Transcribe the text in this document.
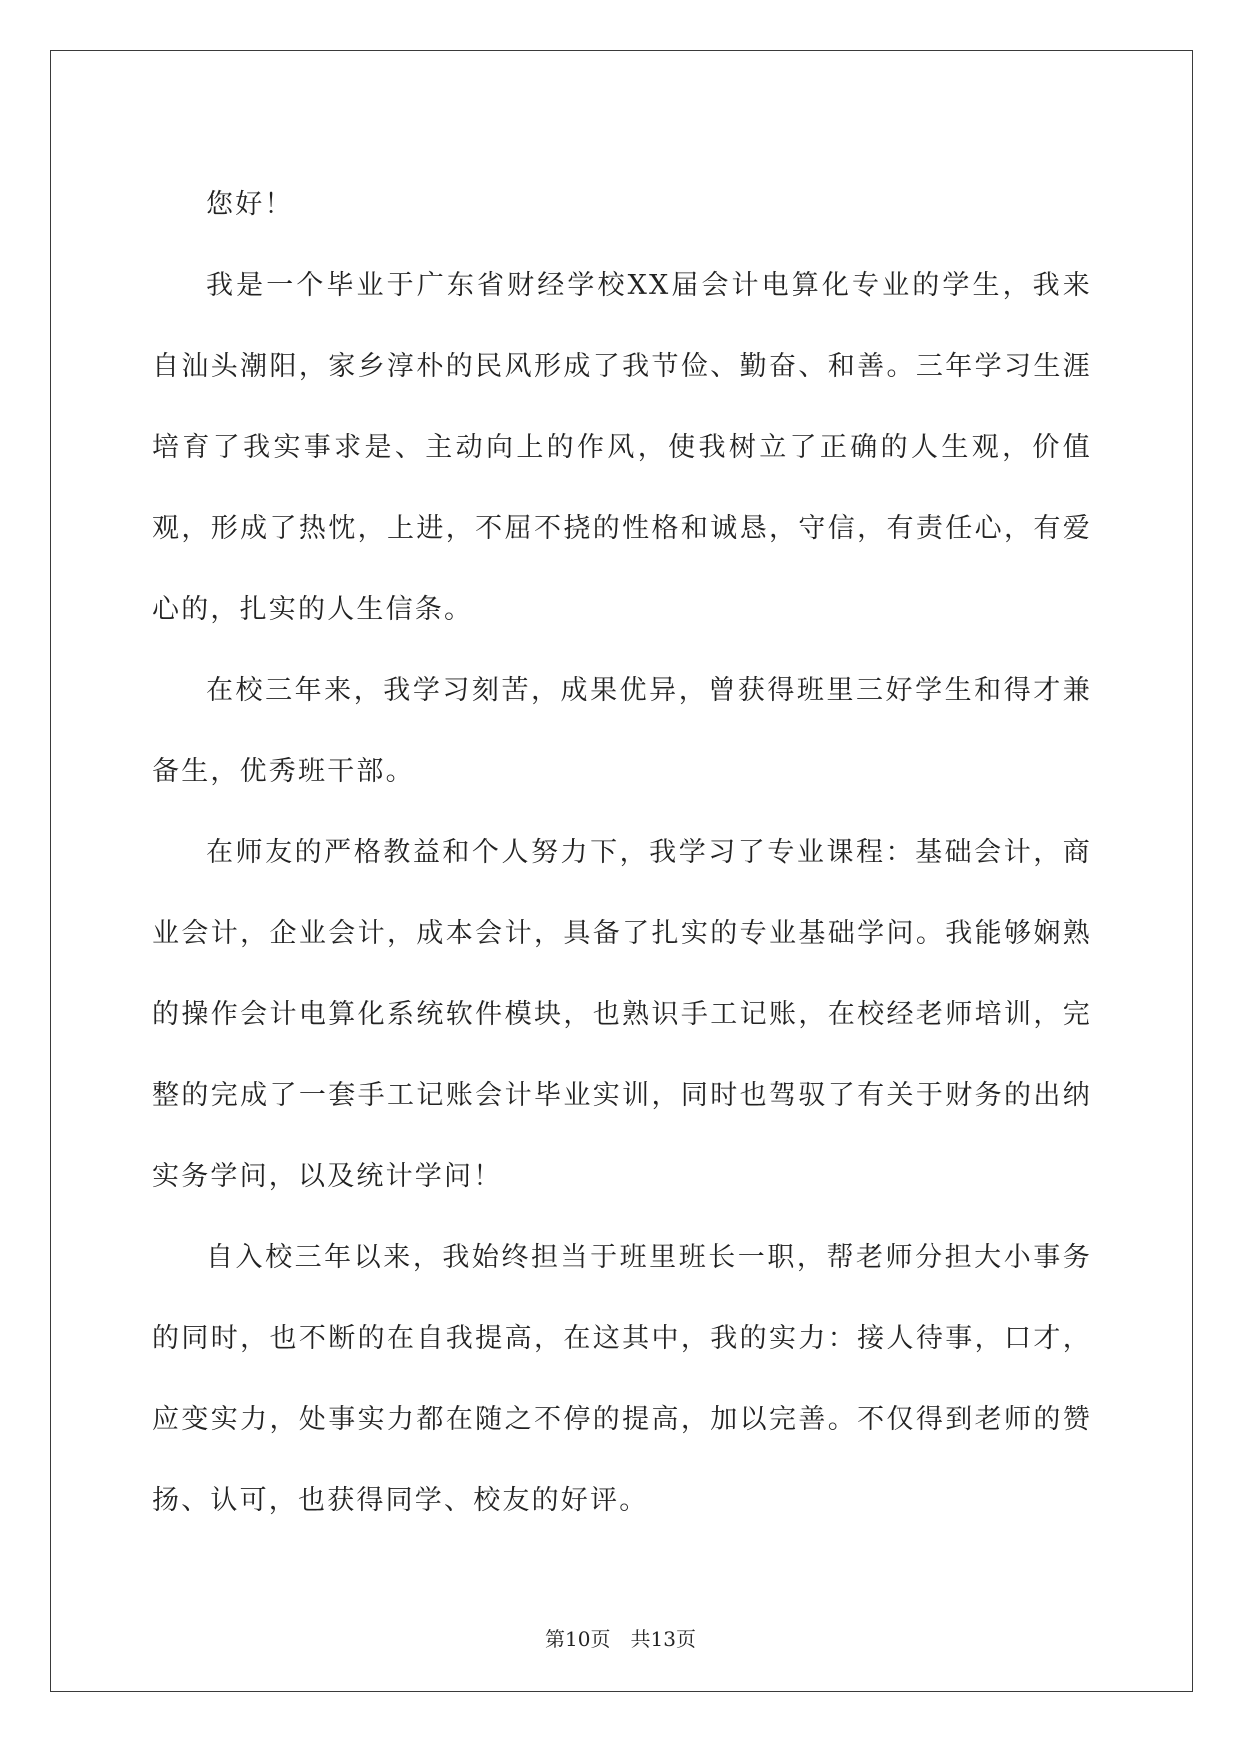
您好！

我是一个毕业于广东省财经学校XX届会计电算化专业的学生，我来自汕头潮阳，家乡淳朴的民风形成了我节俭、勤奋、和善。三年学习生涯培育了我实事求是、主动向上的作风，使我树立了正确的人生观，价值观，形成了热忱，上进，不屈不挠的性格和诚恳，守信，有责任心，有爱心的，扎实的人生信条。

在校三年来，我学习刻苦，成果优异，曾获得班里三好学生和得才兼备生，优秀班干部。

在师友的严格教益和个人努力下，我学习了专业课程：基础会计，商业会计，企业会计，成本会计，具备了扎实的专业基础学问。我能够娴熟的操作会计电算化系统软件模块，也熟识手工记账，在校经老师培训，完整的完成了一套手工记账会计毕业实训，同时也驾驭了有关于财务的出纳实务学问，以及统计学问！

自入校三年以来，我始终担当于班里班长一职，帮老师分担大小事务的同时，也不断的在自我提高，在这其中，我的实力：接人待事，口才，应变实力，处事实力都在随之不停的提高，加以完善。不仅得到老师的赞扬、认可，也获得同学、校友的好评。

第10页　共13页
